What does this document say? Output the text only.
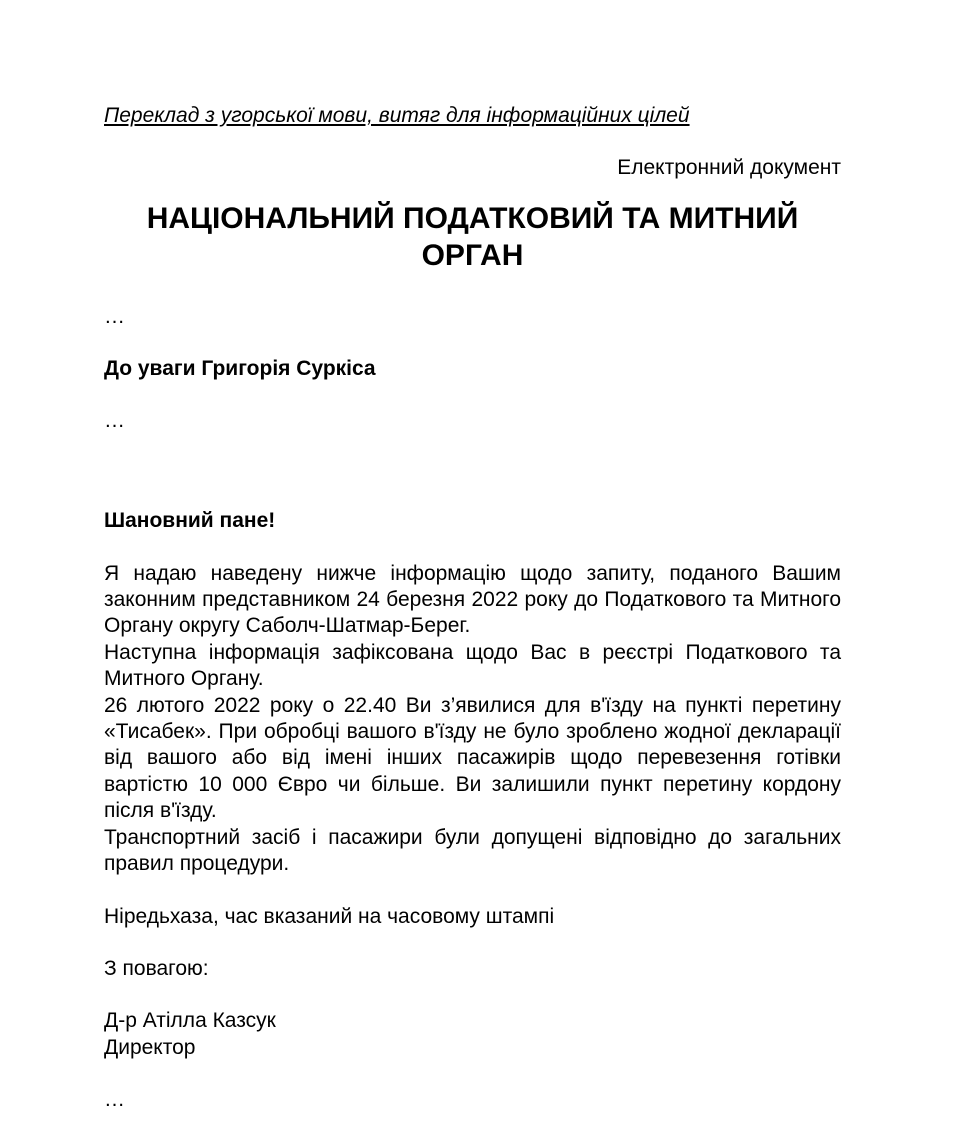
Переклад з угорської мови, витяг для інформаційних цілей

Електронний документ

НАЦІОНАЛЬНИЙ ПОДАТКОВИЙ ТА МИТНИЙ
ОРГАН

…

До уваги Григорія Суркіса

…

Шановний пане!

Я надаю наведену нижче інформацію щодо запиту, поданого Вашим законним представником 24 березня 2022 року до Податкового та Митного Органу округу Саболч-Шатмар-Берег.

Наступна інформація зафіксована щодо Вас в реєстрі Податкового та Митного Органу.

26 лютого 2022 року о 22.40 Ви з’явилися для в'їзду на пункті перетину «Тисабек». При обробці вашого в'їзду не було зроблено жодної декларації від вашого або від імені інших пасажирів щодо перевезення готівки вартістю 10 000 Євро чи більше. Ви залишили пункт перетину кордону після в'їзду.

Транспортний засіб і пасажири були допущені відповідно до загальних правил процедури.

Ніредьхаза, час вказаний на часовому штампі

З повагою:

Д-р Атілла Казсук

Директор

…
